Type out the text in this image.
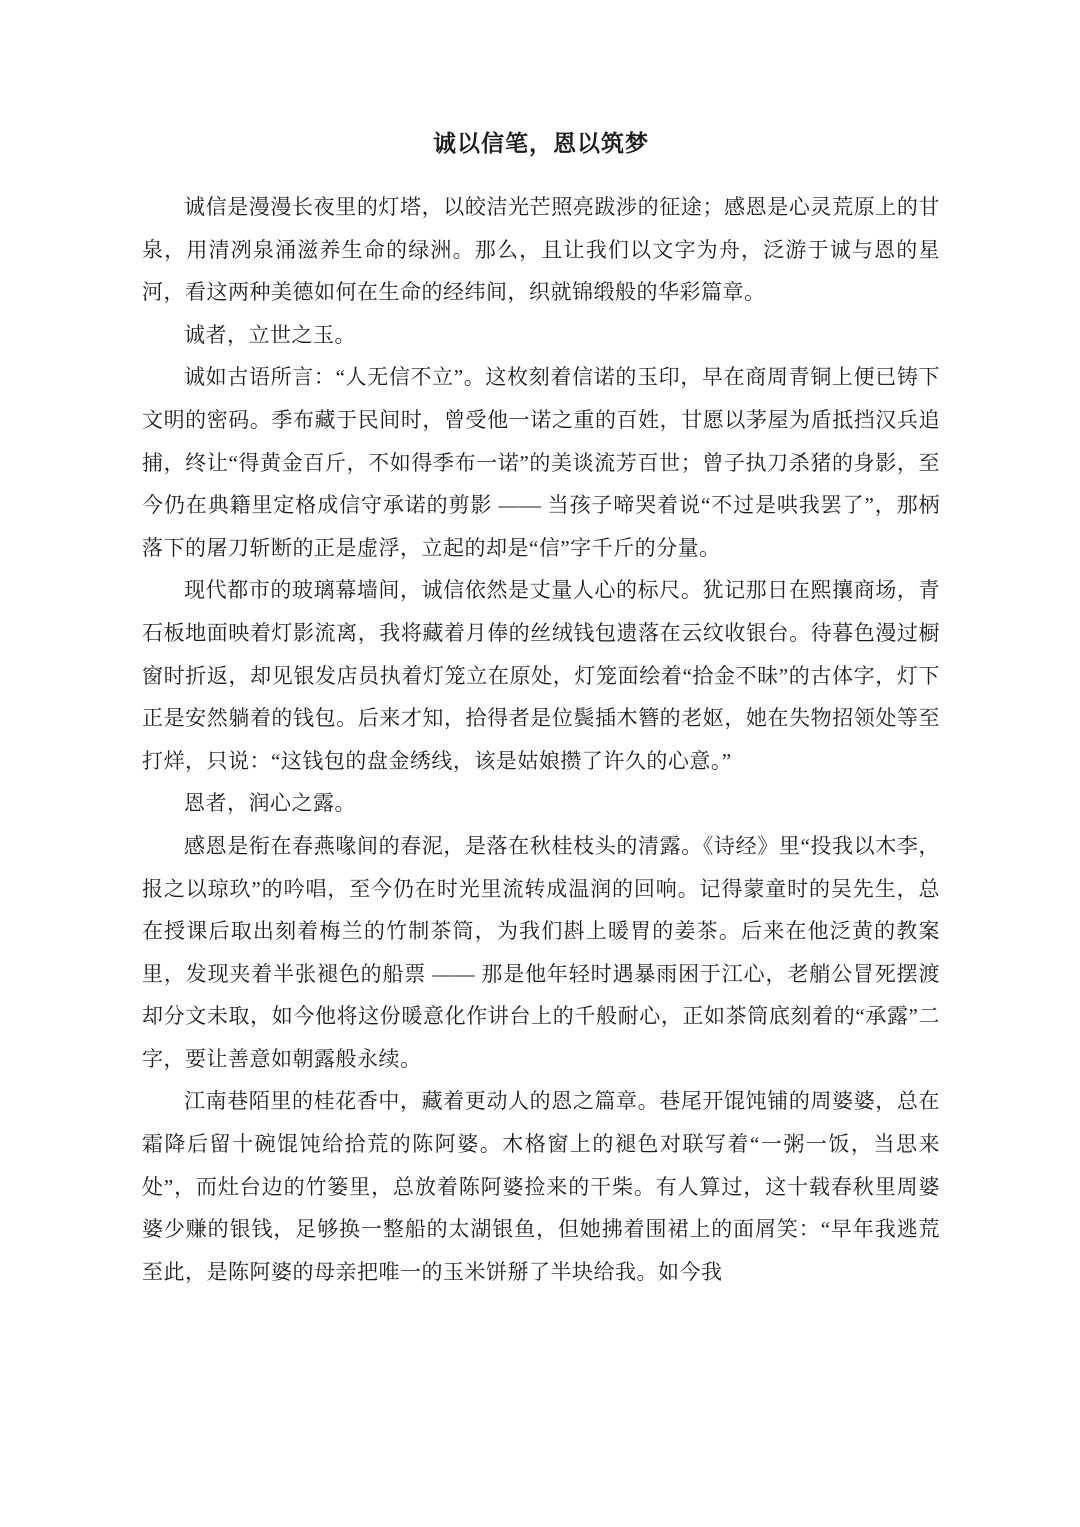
诚以信笔，恩以筑梦

诚信是漫漫长夜里的灯塔，以皎洁光芒照亮跋涉的征途；感恩是心灵荒原上的甘泉，用清冽泉涌滋养生命的绿洲。那么，且让我们以文字为舟，泛游于诚与恩的星河，看这两种美德如何在生命的经纬间，织就锦缎般的华彩篇章。

诚者，立世之玉。

诚如古语所言：“人无信不立”。这枚刻着信诺的玉印，早在商周青铜上便已铸下文明的密码。季布藏于民间时，曾受他一诺之重的百姓，甘愿以茅屋为盾抵挡汉兵追捕，终让“得黄金百斤，不如得季布一诺”的美谈流芳百世；曾子执刀杀猪的身影，至今仍在典籍里定格成信守承诺的剪影 —— 当孩子啼哭着说“不过是哄我罢了”，那柄落下的屠刀斩断的正是虚浮，立起的却是“信”字千斤的分量。

现代都市的玻璃幕墙间，诚信依然是丈量人心的标尺。犹记那日在熙攘商场，青石板地面映着灯影流离，我将藏着月俸的丝绒钱包遗落在云纹收银台。待暮色漫过橱窗时折返，却见银发店员执着灯笼立在原处，灯笼面绘着“拾金不昧”的古体字，灯下正是安然躺着的钱包。后来才知，拾得者是位鬓插木簪的老妪，她在失物招领处等至打烊，只说：“这钱包的盘金绣线，该是姑娘攒了许久的心意。”

恩者，润心之露。

感恩是衔在春燕喙间的春泥，是落在秋桂枝头的清露。《诗经》里“投我以木李，报之以琼玖”的吟唱，至今仍在时光里流转成温润的回响。记得蒙童时的吴先生，总在授课后取出刻着梅兰的竹制茶筒，为我们斟上暖胃的姜茶。后来在他泛黄的教案里，发现夹着半张褪色的船票 —— 那是他年轻时遇暴雨困于江心，老艄公冒死摆渡却分文未取，如今他将这份暖意化作讲台上的千般耐心，正如茶筒底刻着的“承露”二字，要让善意如朝露般永续。

江南巷陌里的桂花香中，藏着更动人的恩之篇章。巷尾开馄饨铺的周婆婆，总在霜降后留十碗馄饨给拾荒的陈阿婆。木格窗上的褪色对联写着“一粥一饭，当思来处”，而灶台边的竹篓里，总放着陈阿婆捡来的干柴。有人算过，这十载春秋里周婆婆少赚的银钱，足够换一整船的太湖银鱼，但她拂着围裙上的面屑笑：“早年我逃荒至此，是陈阿婆的母亲把唯一的玉米饼掰了半块给我。如今我
